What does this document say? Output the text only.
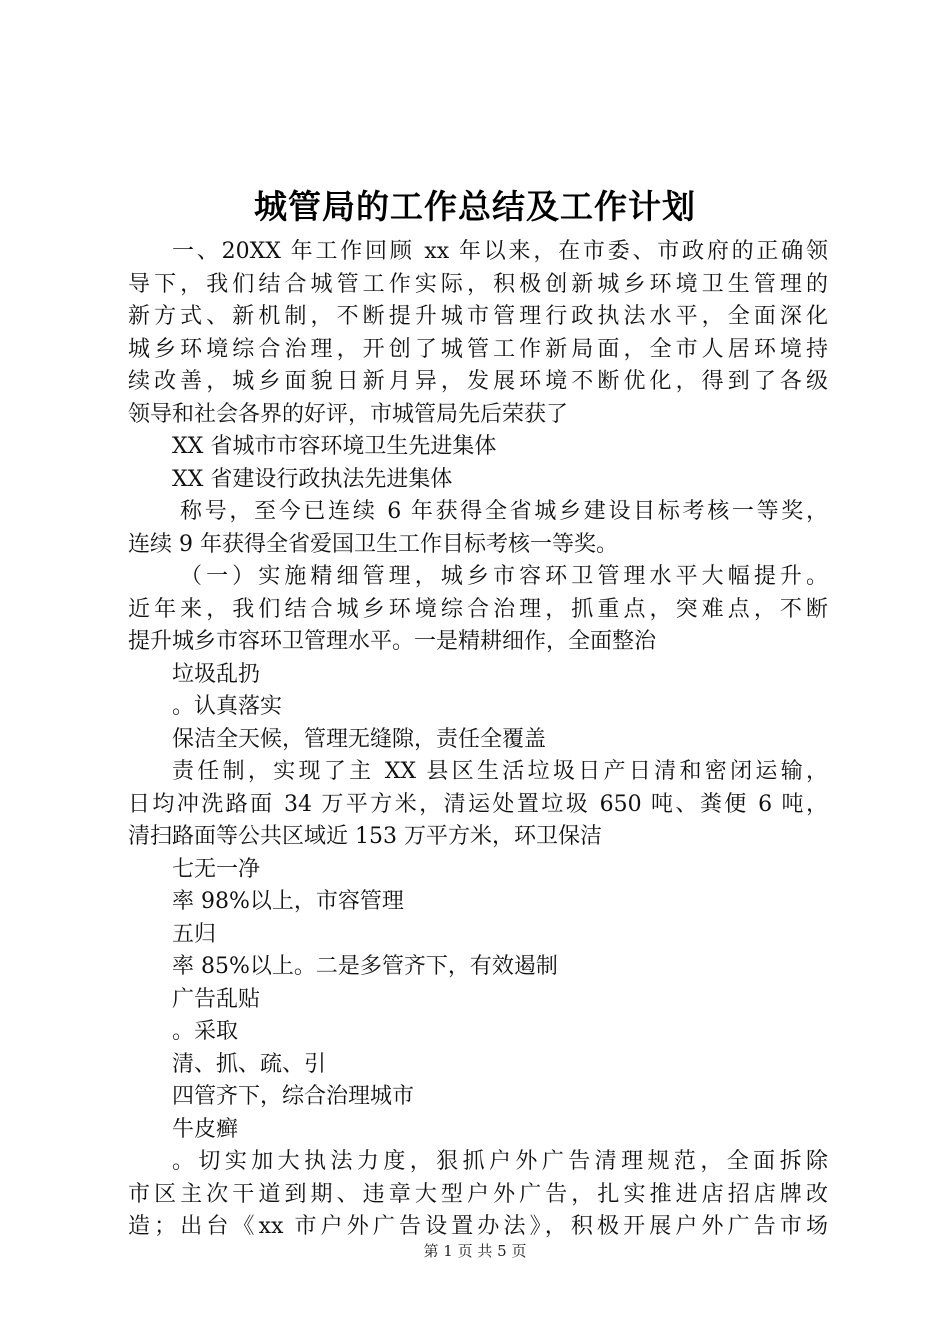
城管局的工作总结及工作计划
一、20XX 年工作回顾 xx 年以来，在市委、市政府的正确领
导下，我们结合城管工作实际，积极创新城乡环境卫生管理的
新方式、新机制，不断提升城市管理行政执法水平，全面深化
城乡环境综合治理，开创了城管工作新局面，全市人居环境持
续改善，城乡面貌日新月异，发展环境不断优化，得到了各级
领导和社会各界的好评，市城管局先后荣获了
XX 省城市市容环境卫生先进集体
XX 省建设行政执法先进集体
称号，至今已连续 6 年获得全省城乡建设目标考核一等奖，
连续 9 年获得全省爱国卫生工作目标考核一等奖。
（一）实施精细管理，城乡市容环卫管理水平大幅提升。
近年来，我们结合城乡环境综合治理，抓重点，突难点，不断
提升城乡市容环卫管理水平。一是精耕细作，全面整治
垃圾乱扔
。认真落实
保洁全天候，管理无缝隙，责任全覆盖
责任制，实现了主 XX 县区生活垃圾日产日清和密闭运输，
日均冲洗路面 34 万平方米，清运处置垃圾 650 吨、粪便 6 吨，
清扫路面等公共区域近 153 万平方米，环卫保洁
七无一净
率 98%以上，市容管理
五归
率 85%以上。二是多管齐下，有效遏制
广告乱贴
。采取
清、抓、疏、引
四管齐下，综合治理城市
牛皮癣
。切实加大执法力度，狠抓户外广告清理规范，全面拆除
市区主次干道到期、违章大型户外广告，扎实推进店招店牌改
造；出台《xx 市户外广告设置办法》，积极开展户外广告市场
第 1 页 共 5 页
